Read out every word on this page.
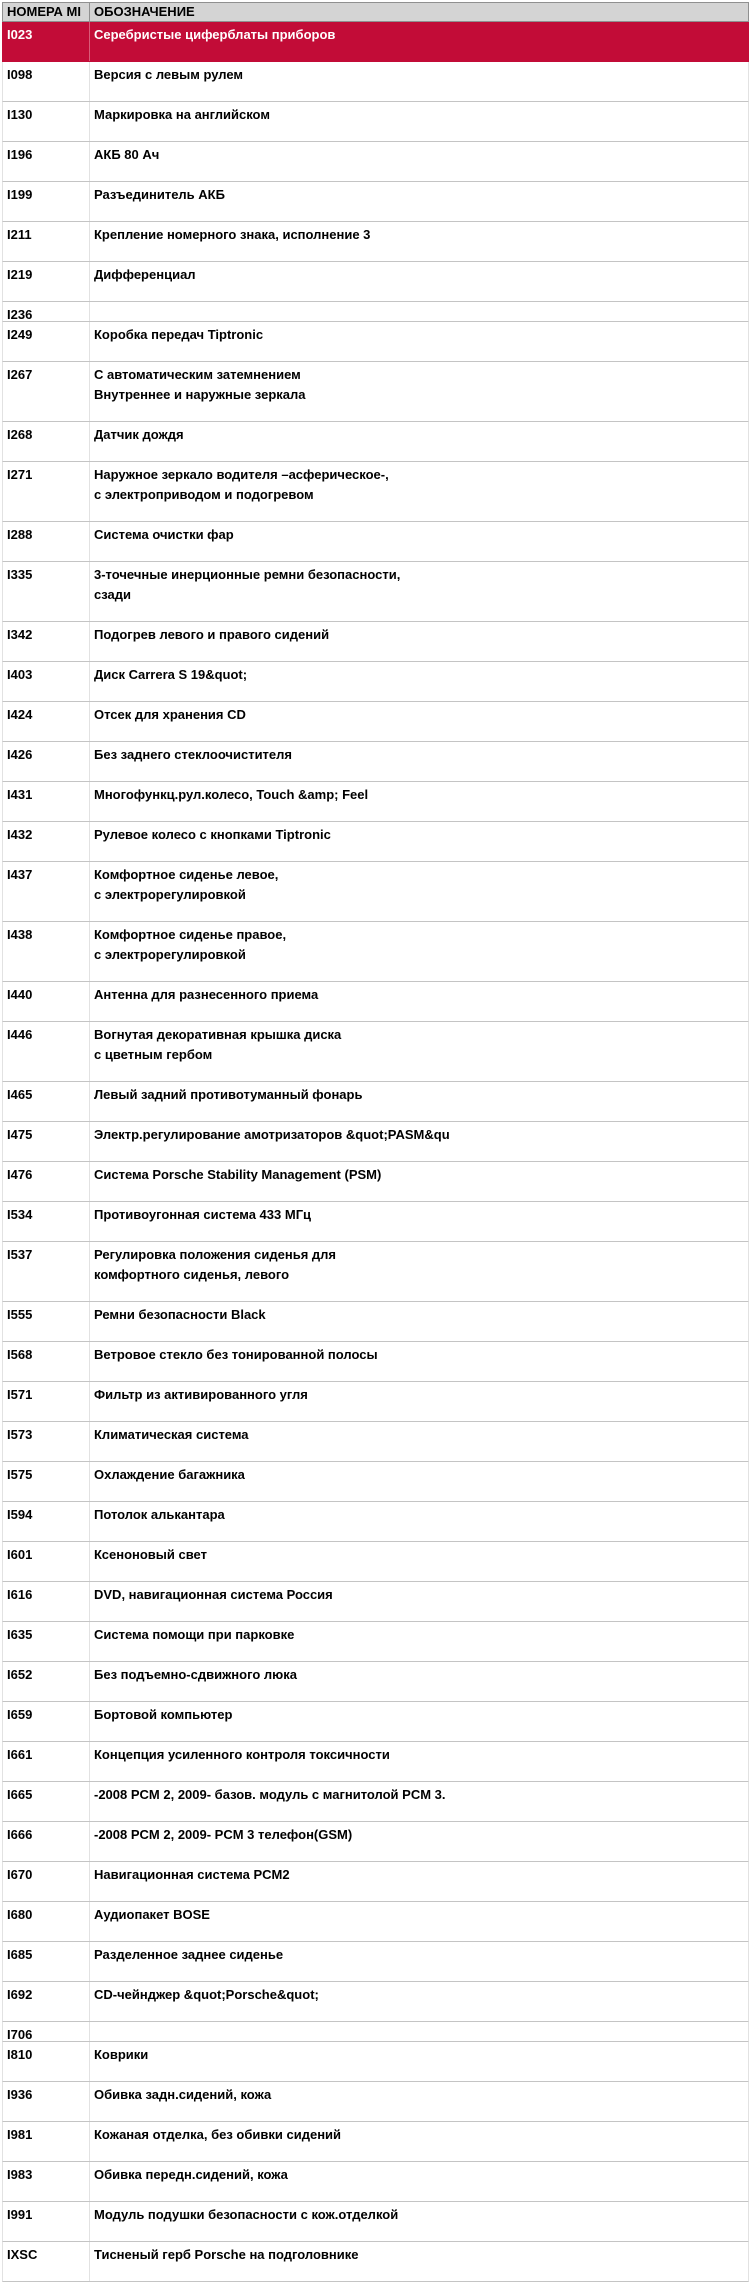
НОМЕРА MI	ОБОЗНАЧЕНИЕ
I023	Серебристые циферблаты приборов
I098	Версия с левым рулем
I130	Маркировка на английском
I196	АКБ 80 Ач
I199	Разъединитель АКБ
I211	Крепление номерного знака, исполнение 3
I219	Дифференциал
I236
I249	Коробка передач Tiptronic
I267	С автоматическим затемнением
Внутреннее и наружные зеркала
I268	Датчик дождя
I271	Наружное зеркало водителя –асферическое-,
с электроприводом и подогревом
I288	Система очистки фар
I335	3-точечные инерционные ремни безопасности,
сзади
I342	Подогрев левого и правого сидений
I403	Диск Carrera S 19&quot;
I424	Отсек для хранения CD
I426	Без заднего стеклоочистителя
I431	Многофункц.рул.колесо, Touch &amp; Feel
I432	Рулевое колесо с кнопками Tiptronic
I437	Комфортное сиденье левое,
с электрорегулировкой
I438	Комфортное сиденье правое,
с электрорегулировкой
I440	Антенна для разнесенного приема
I446	Вогнутая декоративная крышка диска
с цветным гербом
I465	Левый задний противотуманный фонарь
I475	Электр.регулирование амотризаторов &quot;PASM&qu
I476	Система Porsche Stability Management (PSM)
I534	Противоугонная система 433 МГц
I537	Регулировка положения сиденья для
комфортного сиденья, левого
I555	Ремни безопасности Black
I568	Ветровое стекло без тонированной полосы
I571	Фильтр из активированного угля
I573	Климатическая система
I575	Охлаждение багажника
I594	Потолок алькантара
I601	Ксеноновый свет
I616	DVD, навигационная система Россия
I635	Система помощи при парковке
I652	Без подъемно-сдвижного люка
I659	Бортовой компьютер
I661	Концепция усиленного контроля токсичности
I665	-2008 PCM 2, 2009- базов. модуль с магнитолой PCM 3.
I666	-2008 PCM 2, 2009- PCM 3 телефон(GSM)
I670	Навигационная система PCM2
I680	Аудиопакет BOSE
I685	Разделенное заднее сиденье
I692	CD-чейнджер &quot;Porsche&quot;
I706
I810	Коврики
I936	Обивка задн.сидений, кожа
I981	Кожаная отделка, без обивки сидений
I983	Обивка передн.сидений, кожа
I991	Модуль подушки безопасности с кож.отделкой
IXSC	Тисненый герб Porsche на подголовнике
